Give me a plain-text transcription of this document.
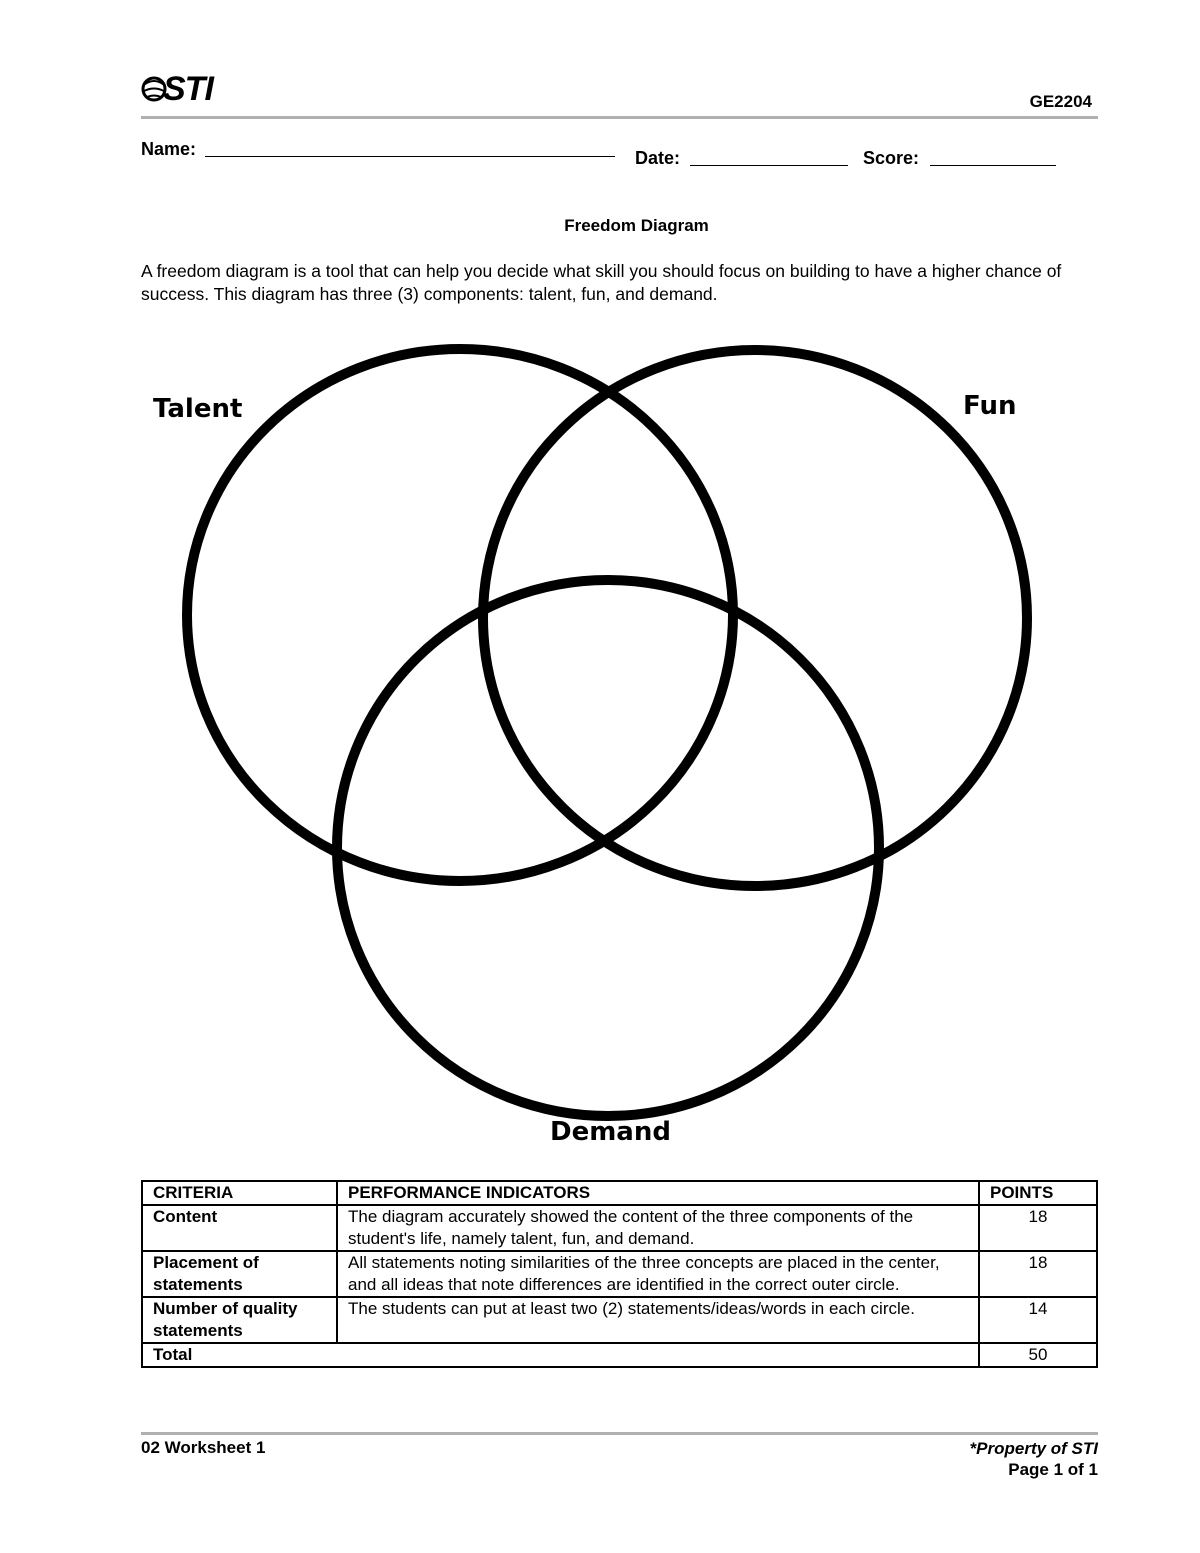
STI	GE2204
Name:	Date:	Score:
Freedom Diagram
A freedom diagram is a tool that can help you decide what skill you should focus on building to have a higher chance of success. This diagram has three (3) components: talent, fun, and demand.
Talent	Fun
Demand
CRITERIA	PERFORMANCE INDICATORS	POINTS
Content	The diagram accurately showed the content of the three components of the student's life, namely talent, fun, and demand.	18
Placement of statements	All statements noting similarities of the three concepts are placed in the center, and all ideas that note differences are identified in the correct outer circle.	18
Number of quality statements	The students can put at least two (2) statements/ideas/words in each circle.	14
Total		50
02 Worksheet 1	*Property of STI
Page 1 of 1
